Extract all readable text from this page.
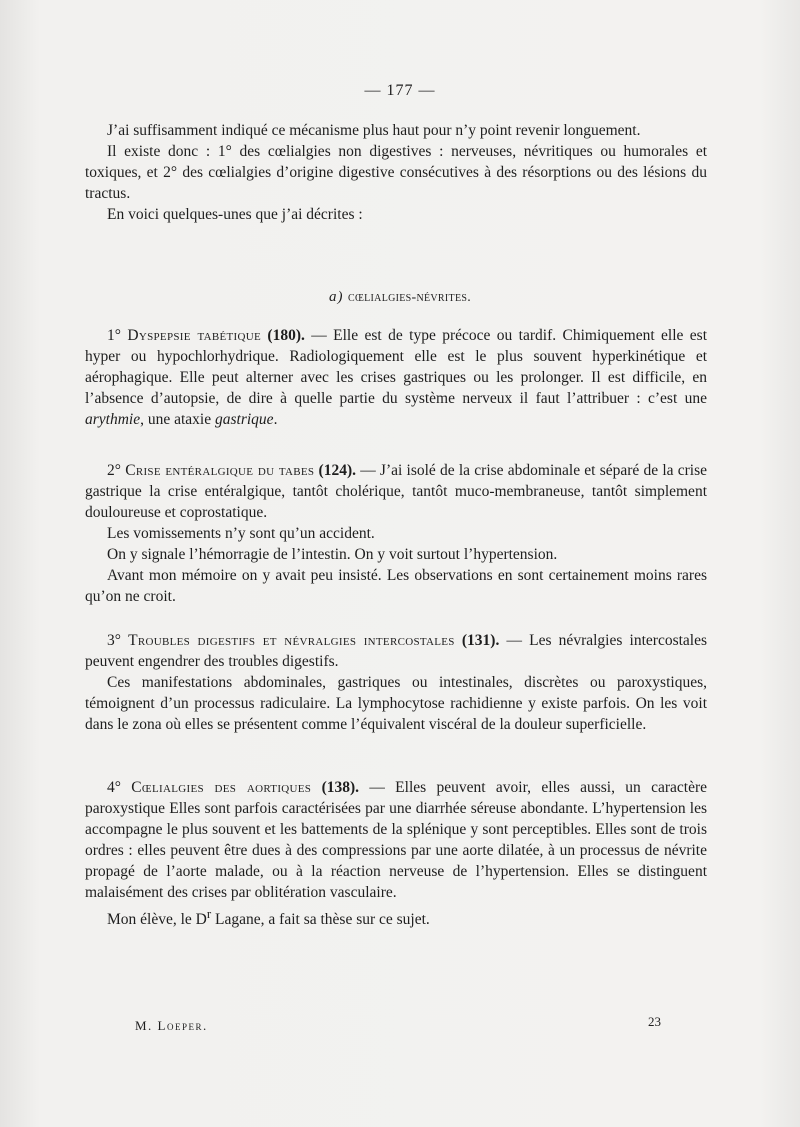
— 177 —

J’ai suffisamment indiqué ce mécanisme plus haut pour n’y point revenir longuement.

Il existe donc : 1° des cœlialgies non digestives : nerveuses, névritiques ou humorales et toxiques, et 2° des cœlialgies d’origine digestive consécutives à des résorptions ou des lésions du tractus.

En voici quelques-unes que j’ai décrites :

a) cœlialgies-névrites.

1° Dyspepsie tabétique (180). — Elle est de type précoce ou tardif. Chimiquement elle est hyper ou hypochlorhydrique. Radiologiquement elle est le plus souvent hyperkinétique et aérophagique. Elle peut alterner avec les crises gastriques ou les prolonger. Il est difficile, en l’absence d’autopsie, de dire à quelle partie du système nerveux il faut l’attribuer : c’est une arythmie, une ataxie gastrique.

2° Crise entéralgique du tabes (124). — J’ai isolé de la crise abdominale et séparé de la crise gastrique la crise entéralgique, tantôt cholérique, tantôt muco-membraneuse, tantôt simplement douloureuse et coprostatique.

Les vomissements n’y sont qu’un accident.

On y signale l’hémorragie de l’intestin. On y voit surtout l’hypertension.

Avant mon mémoire on y avait peu insisté. Les observations en sont certainement moins rares qu’on ne croit.

3° Troubles digestifs et névralgies intercostales (131). — Les névralgies intercostales peuvent engendrer des troubles digestifs.

Ces manifestations abdominales, gastriques ou intestinales, discrètes ou paroxystiques, témoignent d’un processus radiculaire. La lymphocytose rachidienne y existe parfois. On les voit dans le zona où elles se présentent comme l’équivalent viscéral de la douleur superficielle.

4° Cœlialgies des aortiques (138). — Elles peuvent avoir, elles aussi, un caractère paroxystique Elles sont parfois caractérisées par une diarrhée séreuse abondante. L’hypertension les accompagne le plus souvent et les battements de la splénique y sont perceptibles. Elles sont de trois ordres : elles peuvent être dues à des compressions par une aorte dilatée, à un processus de névrite propagé de l’aorte malade, ou à la réaction nerveuse de l’hypertension. Elles se distinguent malaisément des crises par oblitération vasculaire.

Mon élève, le $D^r$ Lagane, a fait sa thèse sur ce sujet.

M. Loeper.	23
